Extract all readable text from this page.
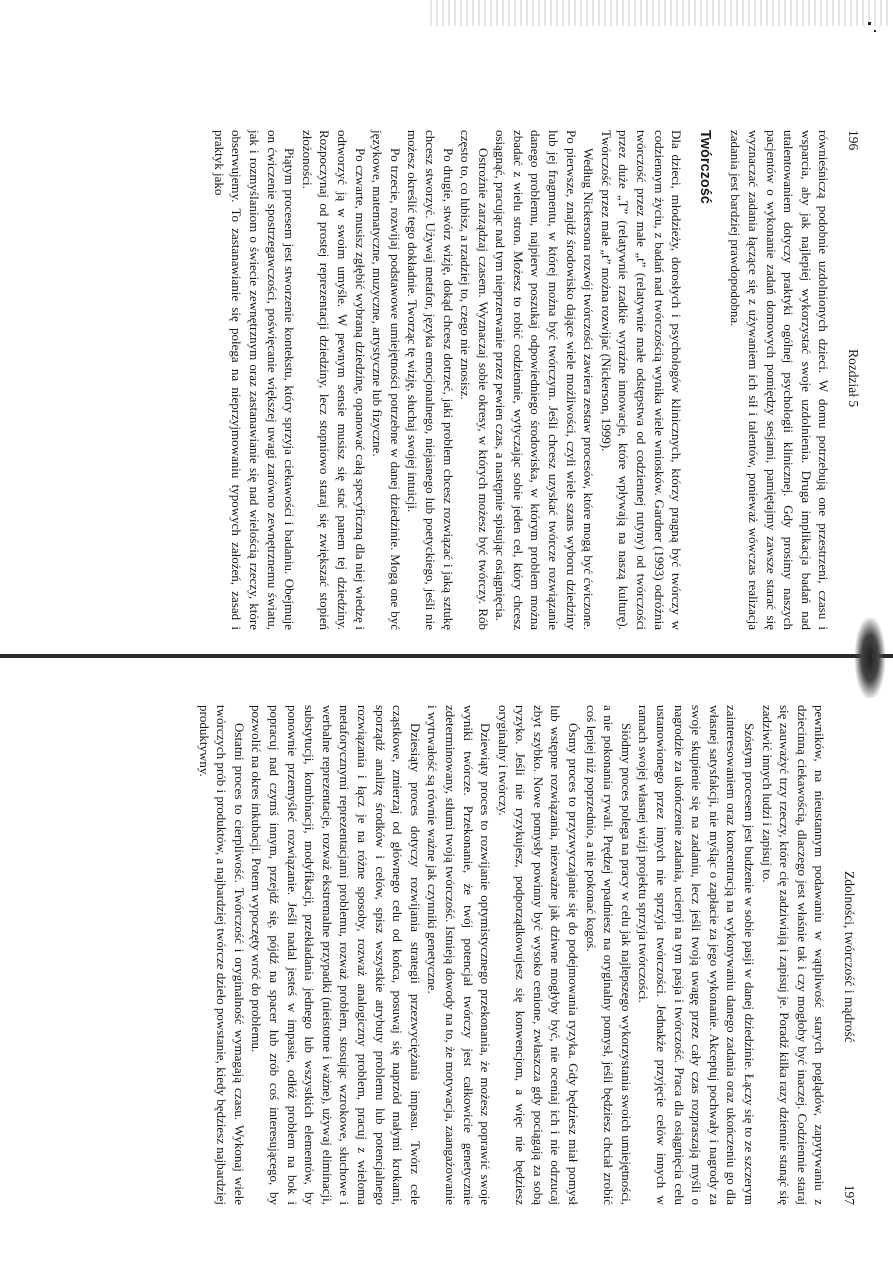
196
Rozdział 5

równieśniczą podobnie uzdolnionych dzieci. W domu potrzebują one przestrzeni, czasu i wsparcia, aby jak najlepiej wykorzystać swoje uzdolnienia. Druga implikacja badań nad utalentowaniem dotyczy praktyki ogólnej psychologii klinicznej. Gdy prosimy naszych pacjentów o wykonanie zadań domowych pomiędzy sesjami, pamiętajmy zawsze starać się wyznaczać zadania łączące się z używaniem ich sił i talentów, ponieważ wówczas realizacja zadania jest bardziej prawdopodobna.

Twórczość

Dla dzieci, młodzieży, dorosłych i psychologów klinicznych, którzy pragną być twórczy w codziennym życiu, z badań nad twórczością wynika wiele wniosków. Gardner (1993) odróżnia twórczość przez małe „t” (relatywnie małe odstępstwa od codziennej rutyny) od twórczości przez duże „T” (relatywnie rzadkie wyraźne innowacje, które wpływają na naszą kulturę). Twórczość przez małe „t” można rozwijać (Nickerson, 1999).

Według Nickersona rozwój twórczości zawiera zestaw procesów, które mogą być ćwiczone. Po pierwsze, znajdź środowisko dające wiele możliwości, czyli wiele szans wyboru dziedziny lub jej fragmentu, w której można być twórczym. Jeśli chcesz uzyskać twórcze rozwiązanie danego problemu, najpierw poszukaj odpowiedniego środowiska, w którym problem można zbadać z wielu stron. Możesz to robić codziennie, wytyczając sobie jeden cel, który chcesz osiągnąć, pracując nad tym nieprzerwanie przez pewien czas, a następnie spisując osiągnięcia.

Ostrożnie zarządzaj czasem. Wyznaczaj sobie okresy, w których możesz być twórczy. Rób często to, co lubisz, a rzadziej to, czego nie znosisz.

Po drugie, stwórz wizję, dokąd chcesz dotrzeć, jaki problem chcesz rozwiązać i jaką sztukę chcesz stworzyć. Używaj metafor, języka emocjonalnego, niejasnego lub poetyckiego, jeśli nie możesz określić tego dokładnie. Tworząc tę wizję, słuchaj swojej intuicji.

Po trzecie, rozwijaj podstawowe umiejętności potrzebne w danej dziedzinie. Mogą one być językowe, matematyczne, muzyczne, artystyczne lub fizyczne.

Po czwarte, musisz zgłębić wybraną dziedzinę, opanować całą specyficzną dla niej wiedzę i odtworzyć ją w swoim umyśle. W pewnym sensie musisz się stać panem tej dziedziny. Rozpoczynaj od prostej reprezentacji dziedziny, lecz stopniowo staraj się zwiększać stopień złożoności.

Piątym procesem jest stworzenie kontekstu, który sprzyja ciekawości i badaniu. Obejmuje on ćwiczenie spostrzegawczości, poświęcanie większej uwagi zarówno zewnętrznemu światu, jak i rozmyślaniom o świecie zewnętrznym oraz zastanawianie się nad wielością rzeczy, które obserwujemy. To zastanawianie się polega na nieprzyjmowaniu typowych założeń, zasad i praktyk jako

Zdolności, twórczość i mądrość
197

pewników, na nieustannym podawaniu w wątpliwość starych poglądów, zapytywaniu z dziecinną ciekawością, dlaczego jest właśnie tak i czy mogłoby być inaczej. Codziennie staraj się zauważyć trzy rzeczy, które cię zadziwiają i zapisuj je. Poradź kilka razy dziennie stanąć się zadziwić innych ludzi i zapisuj to.

Szóstym procesem jest budzenie w sobie pasji w danej dziedzinie. Łączy się to ze szczerym zainteresowaniem oraz koncentracją na wykonywaniu danego zadania oraz ukończeniu go dla własnej satysfakcji, nie myśląc o zapłacie za jego wykonanie. Akceptuj pochwały i nagrody za swoje skupienie się na zadaniu, lecz jeśli twoją uwagę przez cały czas rozpraszają myśli o nagrodzie za ukończenie zadania, ucierpi na tym pasja i twórczość. Praca dla osiągnięcia celu ustanowionego przez innych nie sprzyja twórczości. Jednakże przyjęcie celów innych w ramach swojej własnej wizji projektu sprzyja twórczości.

Siódmy proces polega na pracy w celu jak najlepszego wykorzystania swoich umiejętności, a nie pokonania rywali. Prędzej wpadniesz na oryginalny pomysł, jeśli będziesz chciał zrobić coś lepiej niż poprzednio, a nie pokonać kogoś.

Ósmy proces to przyzwyczajanie się do podejmowania ryzyka. Gdy będziesz miał pomysł lub wstępne rozwiązania, niezważne jak dziwne mogłyby być, nie oceniaj ich i nie odrzucaj zbyt szybko. Nowe pomysły powinny być wysoko cenione, zwłaszcza gdy pociągają za sobą ryzyko. Jeśli nie ryzykujesz, podporządkowujesz się konwencjom, a więc nie będziesz oryginalny i twórczy.

Dziewiąty proces to rozwijanie optymistycznego przekonania, że możesz poprawić swoje wyniki twórcze. Przekonanie, że twój potencjał twórczy jest całkowicie genetycznie zdeterminowany, stłumi twoją twórczość. Istnieją dowody na to, że motywacja, zaangażowanie i wytrwałość są równie ważne jak czynniki genetyczne.

Dziesiąty proces dotyczy rozwijania strategii przezwyciężania impasu. Twórz cele cząstkowe, zmierzaj od głównego celu od końca, posuwaj się naprzód małymi krokami, sporządź analizę środków i celów, spisz wszystkie atrybuty problemu lub potencjalnego rozwiązania i łącz je na różne sposoby, rozważ analogiczny problem, pracuj z wieloma metaforycznymi reprezentacjami problemu, rozważ problem, stosując wzrokowe, słuchowe i werbalne reprezentacje, rozważ ekstremalne przypadki (nieistotne i ważne), używaj eliminacji, substytucji, kombinacji, modyfikacji, przekładania jednego lub wszystkich elementów, by ponownie przemyśleć rozwiązanie. Jeśli nadal jesteś w impasie, odłóż problem na bok i popracuj nad czymś innym, przejdź się, pójdź na spacer lub zrób coś interesującego, by pozwolić na okres inkubacji. Potem wypoczęty wróć do problemu.

Ostatni proces to cierpliwość. Twórczość i oryginalność wymagają czasu. Wykonaj wiele twórczych prób i produktów, a najbardziej twórcze dzieło powstanie, kiedy będziesz najbardziej produktywny.
